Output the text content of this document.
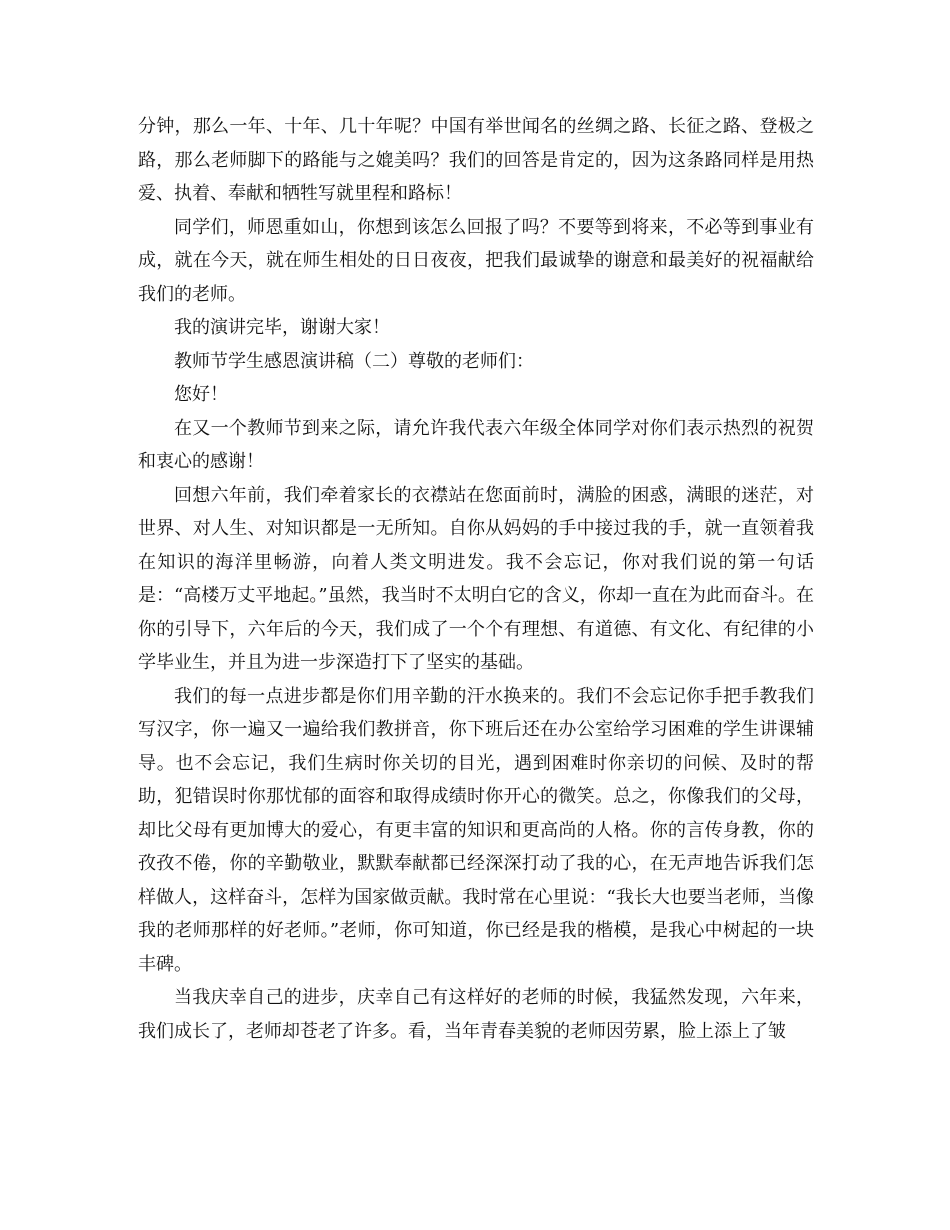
分钟，那么一年、十年、几十年呢？中国有举世闻名的丝绸之路、长征之路、登极之路，那么老师脚下的路能与之媲美吗？我们的回答是肯定的，因为这条路同样是用热爱、执着、奉献和牺牲写就里程和路标！

同学们，师恩重如山，你想到该怎么回报了吗？不要等到将来，不必等到事业有成，就在今天，就在师生相处的日日夜夜，把我们最诚挚的谢意和最美好的祝福献给我们的老师。

我的演讲完毕，谢谢大家！

教师节学生感恩演讲稿（二）尊敬的老师们：

您好！

在又一个教师节到来之际，请允许我代表六年级全体同学对你们表示热烈的祝贺和衷心的感谢！

回想六年前，我们牵着家长的衣襟站在您面前时，满脸的困惑，满眼的迷茫，对世界、对人生、对知识都是一无所知。自你从妈妈的手中接过我的手，就一直领着我在知识的海洋里畅游，向着人类文明进发。我不会忘记，你对我们说的第一句话是：“高楼万丈平地起。”虽然，我当时不太明白它的含义，你却一直在为此而奋斗。在你的引导下，六年后的今天，我们成了一个个有理想、有道德、有文化、有纪律的小学毕业生，并且为进一步深造打下了坚实的基础。

我们的每一点进步都是你们用辛勤的汗水换来的。我们不会忘记你手把手教我们写汉字，你一遍又一遍给我们教拼音，你下班后还在办公室给学习困难的学生讲课辅导。也不会忘记，我们生病时你关切的目光，遇到困难时你亲切的问候、及时的帮助，犯错误时你那忧郁的面容和取得成绩时你开心的微笑。总之，你像我们的父母，却比父母有更加博大的爱心，有更丰富的知识和更高尚的人格。你的言传身教，你的孜孜不倦，你的辛勤敬业，默默奉献都已经深深打动了我的心，在无声地告诉我们怎样做人，这样奋斗，怎样为国家做贡献。我时常在心里说：“我长大也要当老师，当像我的老师那样的好老师。”老师，你可知道，你已经是我的楷模，是我心中树起的一块丰碑。

当我庆幸自己的进步，庆幸自己有这样好的老师的时候，我猛然发现，六年来，我们成长了，老师却苍老了许多。看，当年青春美貌的老师因劳累，脸上添上了皱
